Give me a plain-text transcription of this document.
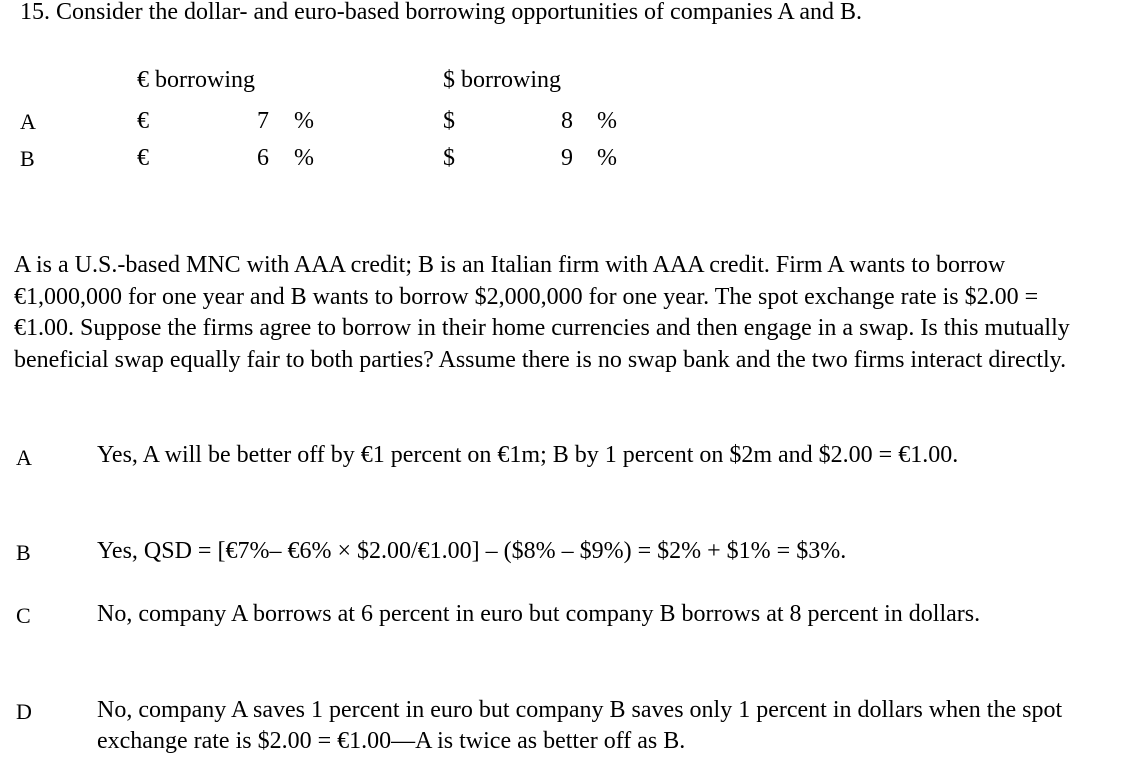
15. Consider the dollar- and euro-based borrowing opportunities of companies A and B.
€ borrowing	$ borrowing
A	€	7 %	$	8 %
B	€	6 %	$	9 %
A is a U.S.-based MNC with AAA credit; B is an Italian firm with AAA credit. Firm A wants to borrow €1,000,000 for one year and B wants to borrow $2,000,000 for one year. The spot exchange rate is $2.00 = €1.00. Suppose the firms agree to borrow in their home currencies and then engage in a swap. Is this mutually beneficial swap equally fair to both parties? Assume there is no swap bank and the two firms interact directly.
A	Yes, A will be better off by €1 percent on €1m; B by 1 percent on $2m and $2.00 = €1.00.
B	Yes, QSD = [€7%– €6% × $2.00/€1.00] – ($8% – $9%) = $2% + $1% = $3%.
C	No, company A borrows at 6 percent in euro but company B borrows at 8 percent in dollars.
D	No, company A saves 1 percent in euro but company B saves only 1 percent in dollars when the spot exchange rate is $2.00 = €1.00—A is twice as better off as B.
